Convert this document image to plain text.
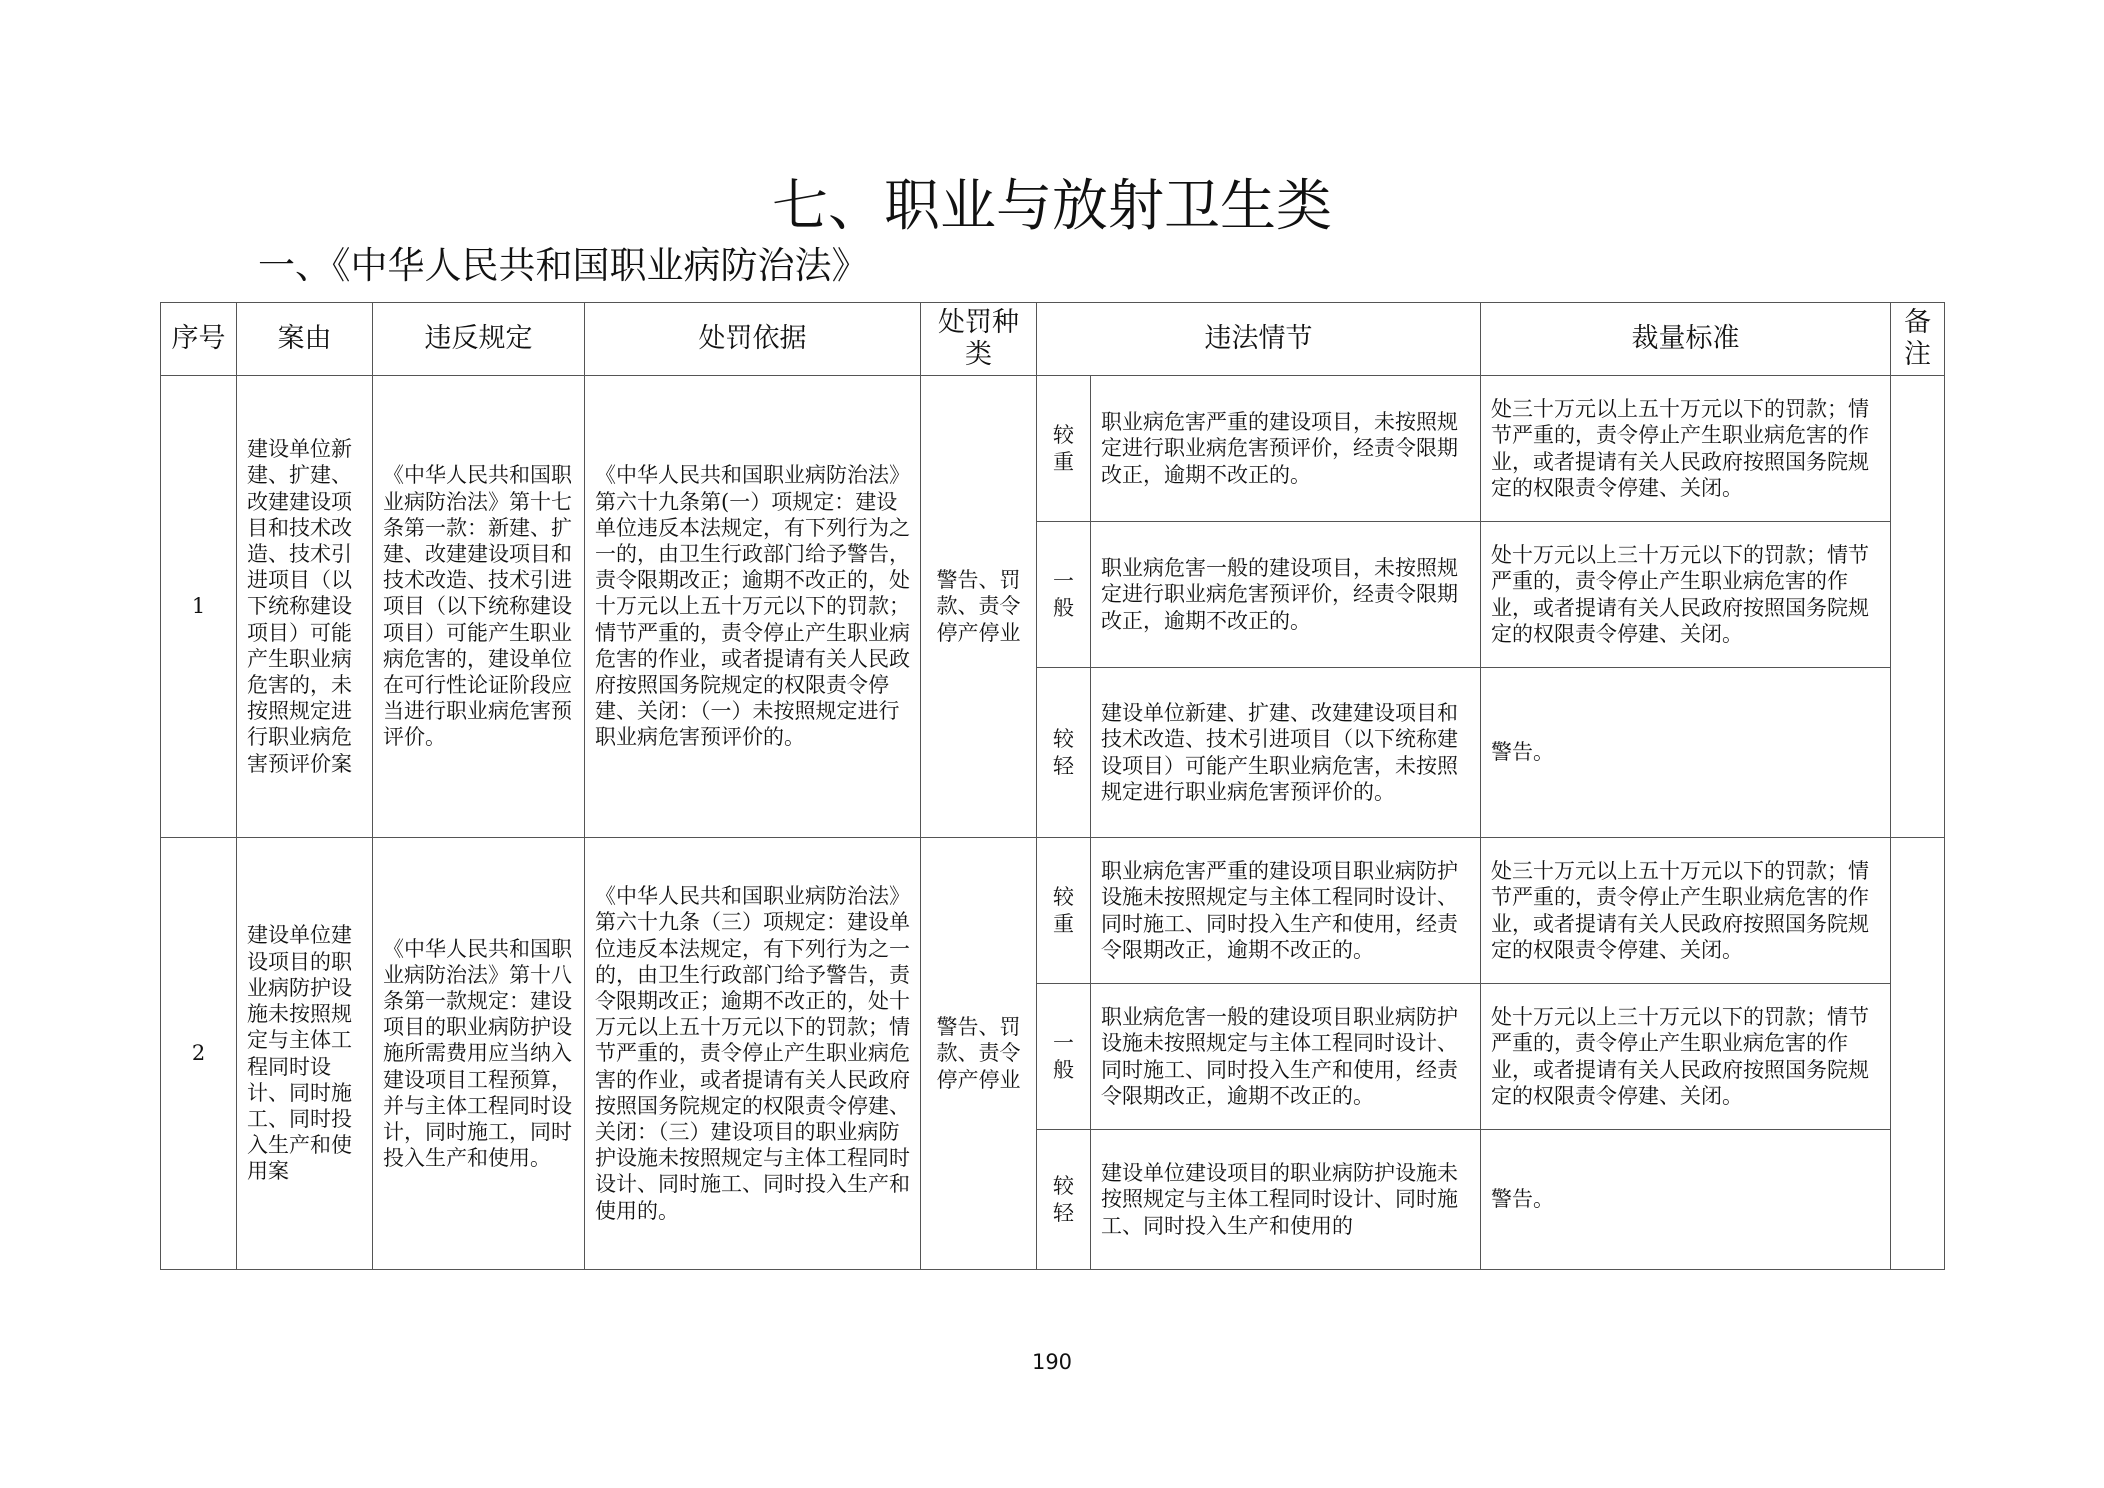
七、职业与放射卫生类
一、《中华人民共和国职业病防治法》
序号	案由	违反规定	处罚依据	处罚种类	违法情节		裁量标准	备注
1	建设单位新建、扩建、改建建设项目和技术改造、技术引进项目（以下统称建设项目）可能产生职业病危害的，未按照规定进行职业病危害预评价案	《中华人民共和国职业病防治法》第十七条第一款：新建、扩建、改建建设项目和技术改造、技术引进项目（以下统称建设项目）可能产生职业病危害的，建设单位在可行性论证阶段应当进行职业病危害预评价。	《中华人民共和国职业病防治法》第六十九条第(一）项规定：建设单位违反本法规定，有下列行为之一的，由卫生行政部门给予警告，责令限期改正；逾期不改正的，处十万元以上五十万元以下的罚款；情节严重的，责令停止产生职业病危害的作业，或者提请有关人民政府按照国务院规定的权限责令停建、关闭：（一）未按照规定进行职业病危害预评价的。	警告、罚款、责令停产停业	较重	职业病危害严重的建设项目，未按照规定进行职业病危害预评价，经责令限期改正，逾期不改正的。	处三十万元以上五十万元以下的罚款；情节严重的，责令停止产生职业病危害的作业，或者提请有关人民政府按照国务院规定的权限责令停建、关闭。	
					一般	职业病危害一般的建设项目，未按照规定进行职业病危害预评价，经责令限期改正，逾期不改正的。	处十万元以上三十万元以下的罚款；情节严重的，责令停止产生职业病危害的作业，或者提请有关人民政府按照国务院规定的权限责令停建、关闭。	
					较轻	建设单位新建、扩建、改建建设项目和技术改造、技术引进项目（以下统称建设项目）可能产生职业病危害，未按照规定进行职业病危害预评价的。	警告。	
2	建设单位建设项目的职业病防护设施未按照规定与主体工程同时设计、同时施工、同时投入生产和使用案	《中华人民共和国职业病防治法》第十八条第一款规定：建设项目的职业病防护设施所需费用应当纳入建设项目工程预算，并与主体工程同时设计，同时施工，同时投入生产和使用。	《中华人民共和国职业病防治法》第六十九条（三）项规定：建设单位违反本法规定，有下列行为之一的，由卫生行政部门给予警告，责令限期改正；逾期不改正的，处十万元以上五十万元以下的罚款；情节严重的，责令停止产生职业病危害的作业，或者提请有关人民政府按照国务院规定的权限责令停建、关闭：（三）建设项目的职业病防护设施未按照规定与主体工程同时设计、同时施工、同时投入生产和使用的。	警告、罚款、责令停产停业	较重	职业病危害严重的建设项目职业病防护设施未按照规定与主体工程同时设计、同时施工、同时投入生产和使用，经责令限期改正，逾期不改正的。	处三十万元以上五十万元以下的罚款；情节严重的，责令停止产生职业病危害的作业，或者提请有关人民政府按照国务院规定的权限责令停建、关闭。	
					一般	职业病危害一般的建设项目职业病防护设施未按照规定与主体工程同时设计、同时施工、同时投入生产和使用，经责令限期改正，逾期不改正的。	处十万元以上三十万元以下的罚款；情节严重的，责令停止产生职业病危害的作业，或者提请有关人民政府按照国务院规定的权限责令停建、关闭。	
					较轻	建设单位建设项目的职业病防护设施未按照规定与主体工程同时设计、同时施工、同时投入生产和使用的	警告。	
190
